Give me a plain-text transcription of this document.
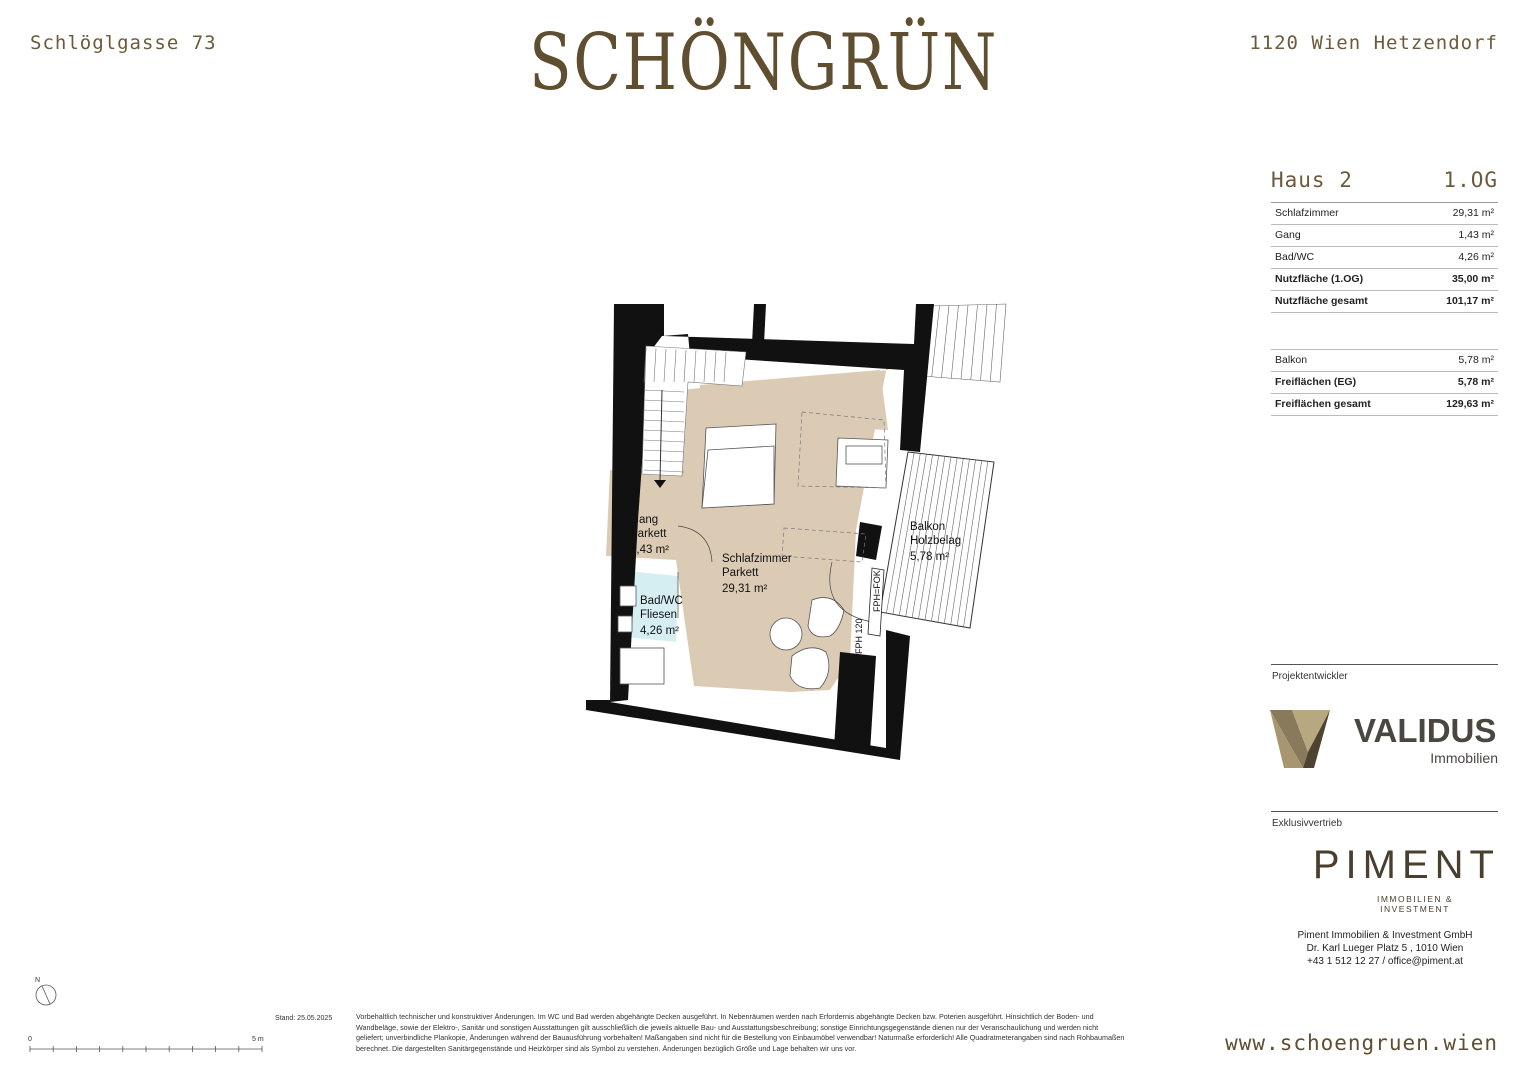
Schlöglgasse 73	SCHÖNGRÜN	1120 Wien Hetzendorf
Haus 2	1.OG
Schlafzimmer	29,31 m²
Gang	1,43 m²
Bad/WC	4,26 m²
Nutzfläche (1.OG)	35,00 m²
Nutzfläche gesamt	101,17 m²
Balkon	5,78 m²
Freiflächen (EG)	5,78 m²
Freiflächen gesamt	129,63 m²
Projektentwickler
VALIDUS
Immobilien
Exklusivvertrieb
PIMENT
IMMOBILIEN &
INVESTMENT
Piment Immobilien & Investment GmbH
Dr. Karl Lueger Platz 5 , 1010 Wien
+43 1 512 12 27 / office@piment.at
www.schoengruen.wien
Gang
Parkett
1,43 m²
Schlafzimmer
Parkett
29,31 m²
Bad/WC
Fliesen
4,26 m²
Balkon
Holzbelag
5,78 m²
FPH 120
FPH=FOK
N
0	5 m
Stand: 25.05.2025	Vorbehaltlich technischer und konstruktiver Änderungen. Im WC und Bad werden abgehängte Decken ausgeführt. In Nebenräumen werden nach Erfordernis abgehängte Decken bzw. Poterien ausgeführt. Hinsichtlich der Boden- und Wandbeläge, sowie der Elektro-, Sanitär und sonstigen Ausstattungen gilt ausschließlich die jeweils aktuelle Bau- und Ausstattungsbeschreibung; sonstige Einrichtungsgegenstände dienen nur der Veranschaulichung und werden nicht geliefert; unverbindliche Plankopie, Änderungen während der Bauausführung vorbehalten! Maßangaben sind nicht für die Bestellung von Einbaumöbel verwendbar! Naturmaße erforderlich! Alle Quadratmeterangaben sind nach Rohbaumaßen berechnet. Die dargestellten Sanitärgegenstände und Heizkörper sind als Symbol zu verstehen. Änderungen bezüglich Größe und Lage behalten wir uns vor.
